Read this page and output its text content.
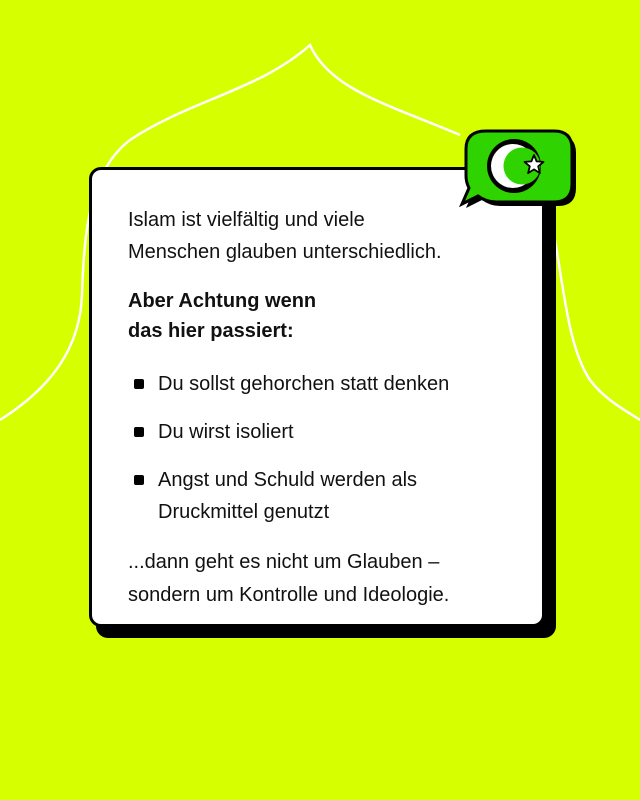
Islam ist vielfältig und viele
Menschen glauben unterschiedlich.

Aber Achtung wenn
das hier passiert:

Du sollst gehorchen statt denken
Du wirst isoliert
Angst und Schuld werden als
Druckmittel genutzt

...dann geht es nicht um Glauben –
sondern um Kontrolle und Ideologie.
